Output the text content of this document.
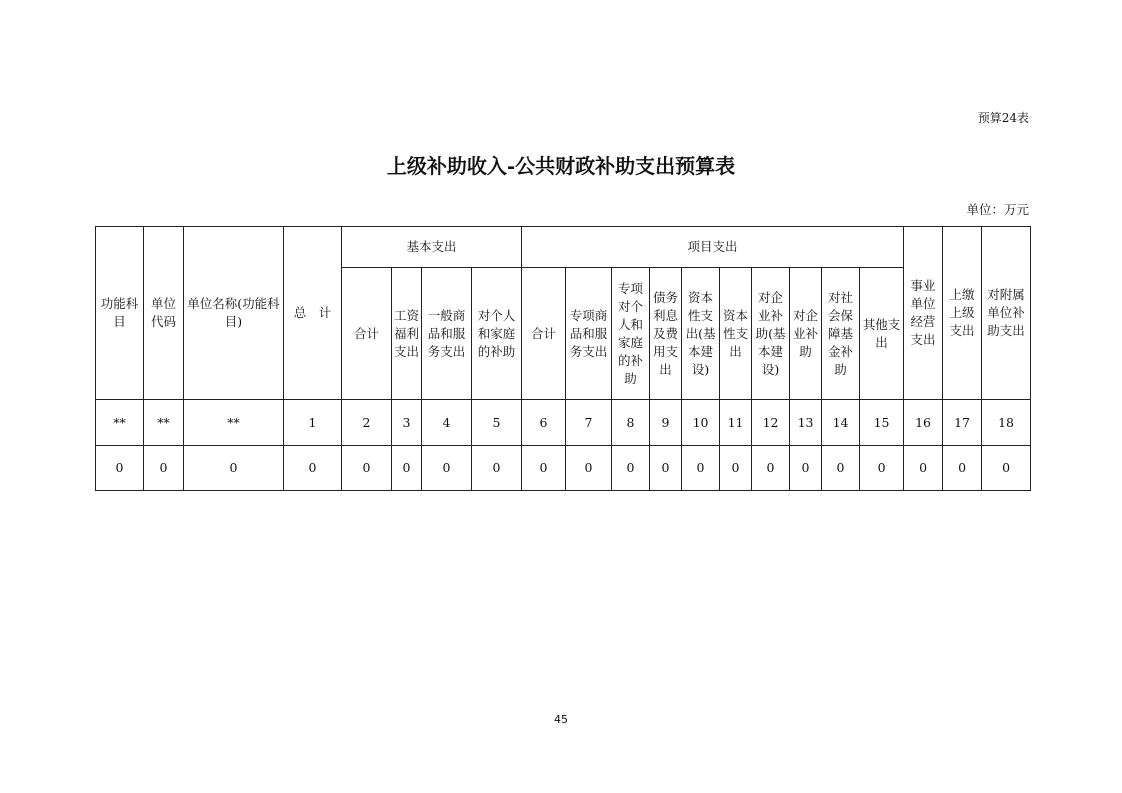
预算24表
上级补助收入-公共财政补助支出预算表
单位：万元
功能科目	单位代码	单位名称(功能科目)	总　计	基本支出				项目支出										事业单位经营支出	上缴上级支出	对附属单位补助支出
				合计	工资福利支出	一般商品和服务支出	对个人和家庭的补助	合计	专项商品和服务支出	专项对个人和家庭的补助	债务利息及费用支出	资本性支出(基本建设)	资本性支出	对企业补助(基本建设)	对企业补助	对社会保障基金补助	其他支出			
**	**	**	1	2	3	4	5	6	7	8	9	10	11	12	13	14	15	16	17	18
0	0	0	0	0	0	0	0	0	0	0	0	0	0	0	0	0	0	0	0	0
45
